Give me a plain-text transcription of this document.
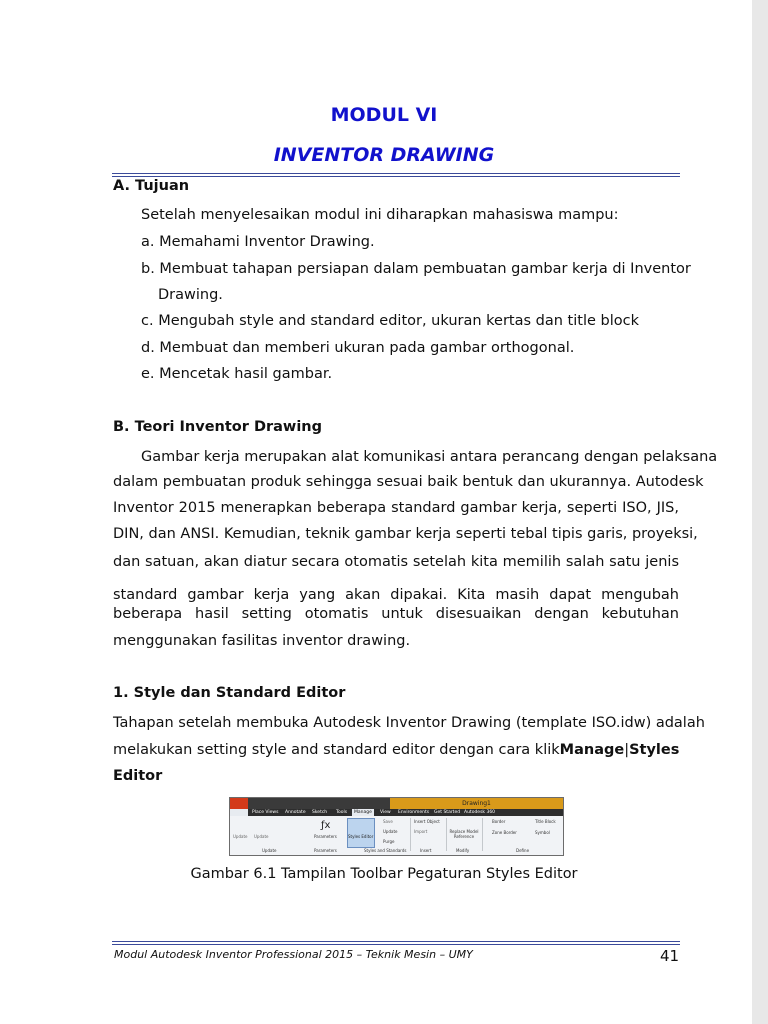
MODUL VI
INVENTOR DRAWING
A. Tujuan
Setelah menyelesaikan modul ini diharapkan mahasiswa mampu:
a. Memahami Inventor Drawing.
b. Membuat tahapan persiapan dalam pembuatan gambar kerja di Inventor
Drawing.
c. Mengubah style and standard editor, ukuran kertas dan title block
d. Membuat dan memberi ukuran pada gambar orthogonal.
e. Mencetak hasil gambar.
B. Teori Inventor Drawing
Gambar kerja merupakan alat komunikasi antara perancang dengan pelaksana
dalam pembuatan produk sehingga sesuai baik bentuk dan ukurannya. Autodesk
Inventor 2015 menerapkan beberapa standard gambar kerja, seperti ISO, JIS,
DIN, dan ANSI. Kemudian, teknik gambar kerja seperti tebal tipis garis, proyeksi,
dan satuan, akan diatur secara otomatis setelah kita memilih salah satu jenis
standard gambar kerja yang akan dipakai. Kita masih dapat mengubah
beberapa hasil setting otomatis untuk disesuaikan dengan kebutuhan
menggunakan fasilitas inventor drawing.
1. Style dan Standard Editor
Tahapan setelah membuka Autodesk Inventor Drawing (template ISO.idw) adalah
melakukan setting style and standard editor dengan cara klik Manage|Styles
Editor
Drawing1
Place Views Annotate Sketch Tools	Manage	View Environments Get Started Autodesk 360
Update Update	Parameters
ƒx
Styles Editor
Save
Update
Purge
Insert Object
Import	Replace Model Reference
Border	Title Block
Zone Border	Symbol
Update	Parameters	Styles and Standards	Insert	Modify	Define
Gambar 6.1 Tampilan Toolbar Pegaturan Styles Editor
Modul Autodesk Inventor Professional 2015 – Teknik Mesin – UMY	41
